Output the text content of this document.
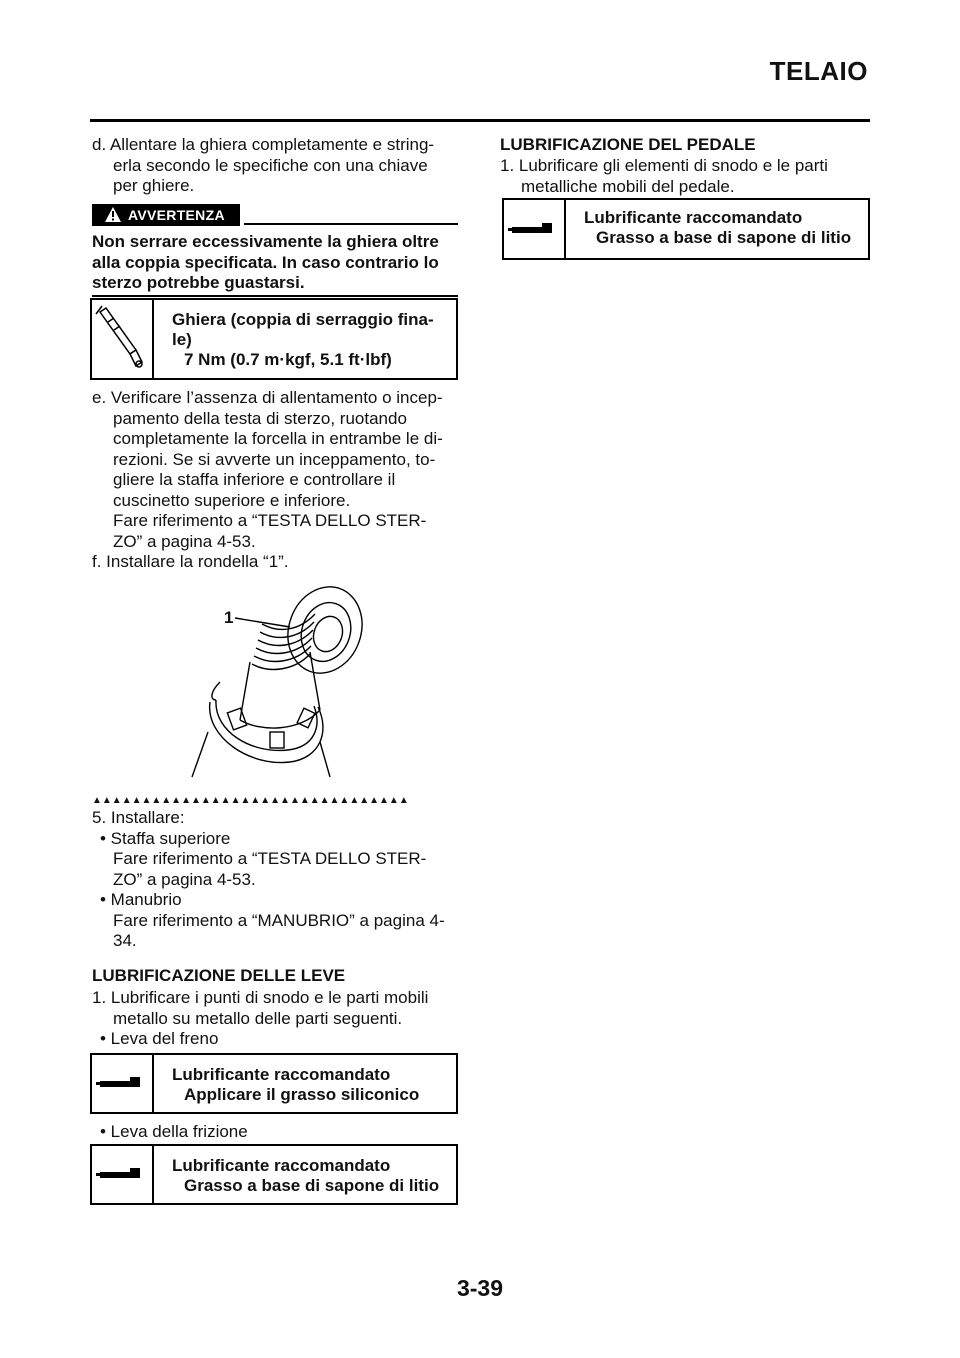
TELAIO
d. Allentare la ghiera completamente e string-
erla secondo le specifiche con una chiave
per ghiere.
AVVERTENZA
Non serrare eccessivamente la ghiera oltre
alla coppia specificata. In caso contrario lo
sterzo potrebbe guastarsi.
Ghiera (coppia di serraggio fina-
le)
7 Nm (0.7 m·kgf, 5.1 ft·lbf)
e. Verificare l’assenza di allentamento o incep-
pamento della testa di sterzo, ruotando
completamente la forcella in entrambe le di-
rezioni. Se si avverte un inceppamento, to-
gliere la staffa inferiore e controllare il
cuscinetto superiore e inferiore.
Fare riferimento a “TESTA DELLO STER-
ZO” a pagina 4-53.
f. Installare la rondella “1”.
1
▲▲▲▲▲▲▲▲▲▲▲▲▲▲▲▲▲▲▲▲▲▲▲▲▲▲▲▲▲▲▲▲
5. Installare:
• Staffa superiore
Fare riferimento a “TESTA DELLO STER-
ZO” a pagina 4-53.
• Manubrio
Fare riferimento a “MANUBRIO” a pagina 4-
34.
LUBRIFICAZIONE DELLE LEVE
1. Lubrificare i punti di snodo e le parti mobili
metallo su metallo delle parti seguenti.
• Leva del freno
Lubrificante raccomandato
Applicare il grasso siliconico
• Leva della frizione
Lubrificante raccomandato
Grasso a base di sapone di litio
LUBRIFICAZIONE DEL PEDALE
1. Lubrificare gli elementi di snodo e le parti
metalliche mobili del pedale.
Lubrificante raccomandato
Grasso a base di sapone di litio
3-39
